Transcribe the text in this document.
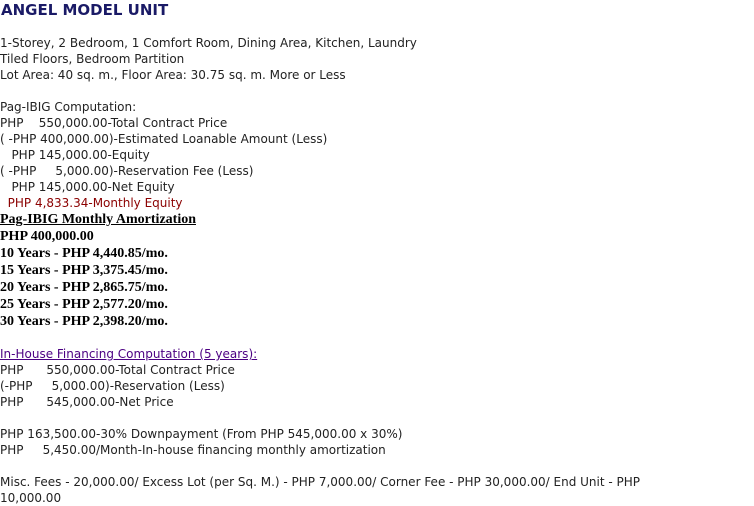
ANGEL MODEL UNIT
1-Storey, 2 Bedroom, 1 Comfort Room, Dining Area, Kitchen, Laundry
Tiled Floors, Bedroom Partition
Lot Area: 40 sq. m., Floor Area: 30.75 sq. m. More or Less
Pag-IBIG Computation:
PHP    550,000.00-Total Contract Price
( -PHP 400,000.00)-Estimated Loanable Amount (Less)
PHP 145,000.00-Equity
( -PHP     5,000.00)-Reservation Fee (Less)
PHP 145,000.00-Net Equity
PHP 4,833.34-Monthly Equity
Pag-IBIG Monthly Amortization
PHP 400,000.00
10 Years - PHP 4,440.85/mo.
15 Years - PHP 3,375.45/mo.
20 Years - PHP 2,865.75/mo.
25 Years - PHP 2,577.20/mo.
30 Years - PHP 2,398.20/mo.
In-House Financing Computation (5 years):
PHP      550,000.00-Total Contract Price
(-PHP     5,000.00)-Reservation (Less)
PHP      545,000.00-Net Price
PHP 163,500.00-30% Downpayment (From PHP 545,000.00 x 30%)
PHP     5,450.00/Month-In-house financing monthly amortization
Misc. Fees - 20,000.00/ Excess Lot (per Sq. M.) - PHP 7,000.00/ Corner Fee - PHP 30,000.00/ End Unit - PHP
10,000.00
